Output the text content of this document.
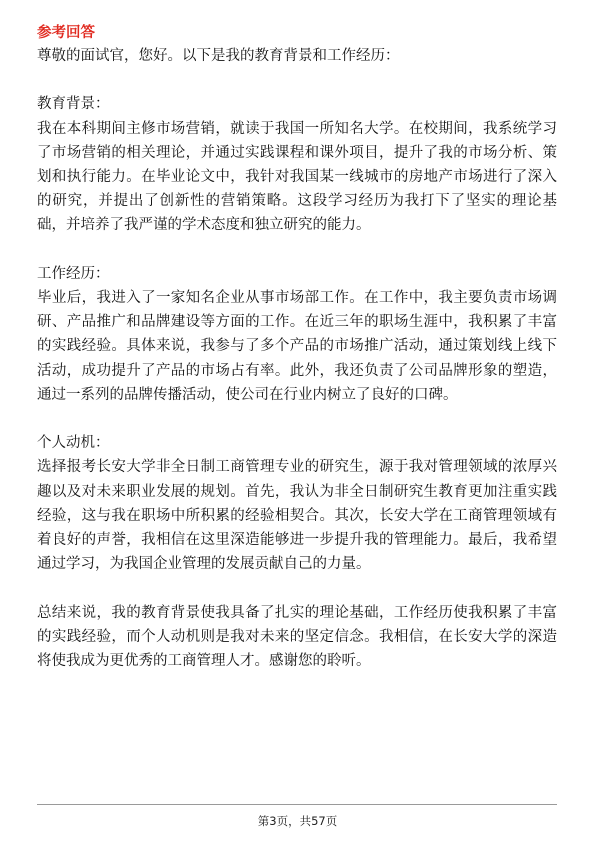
参考回答

尊敬的面试官，您好。以下是我的教育背景和工作经历：

教育背景：

我在本科期间主修市场营销，就读于我国一所知名大学。在校期间，我系统学习了市场营销的相关理论，并通过实践课程和课外项目，提升了我的市场分析、策划和执行能力。在毕业论文中，我针对我国某一线城市的房地产市场进行了深入的研究，并提出了创新性的营销策略。这段学习经历为我打下了坚实的理论基础，并培养了我严谨的学术态度和独立研究的能力。

工作经历：

毕业后，我进入了一家知名企业从事市场部工作。在工作中，我主要负责市场调研、产品推广和品牌建设等方面的工作。在近三年的职场生涯中，我积累了丰富的实践经验。具体来说，我参与了多个产品的市场推广活动，通过策划线上线下活动，成功提升了产品的市场占有率。此外，我还负责了公司品牌形象的塑造，通过一系列的品牌传播活动，使公司在行业内树立了良好的口碑。

个人动机：

选择报考长安大学非全日制工商管理专业的研究生，源于我对管理领域的浓厚兴趣以及对未来职业发展的规划。首先，我认为非全日制研究生教育更加注重实践经验，这与我在职场中所积累的经验相契合。其次，长安大学在工商管理领域有着良好的声誉，我相信在这里深造能够进一步提升我的管理能力。最后，我希望通过学习，为我国企业管理的发展贡献自己的力量。

总结来说，我的教育背景使我具备了扎实的理论基础，工作经历使我积累了丰富的实践经验，而个人动机则是我对未来的坚定信念。我相信，在长安大学的深造将使我成为更优秀的工商管理人才。感谢您的聆听。

第3页，共57页
